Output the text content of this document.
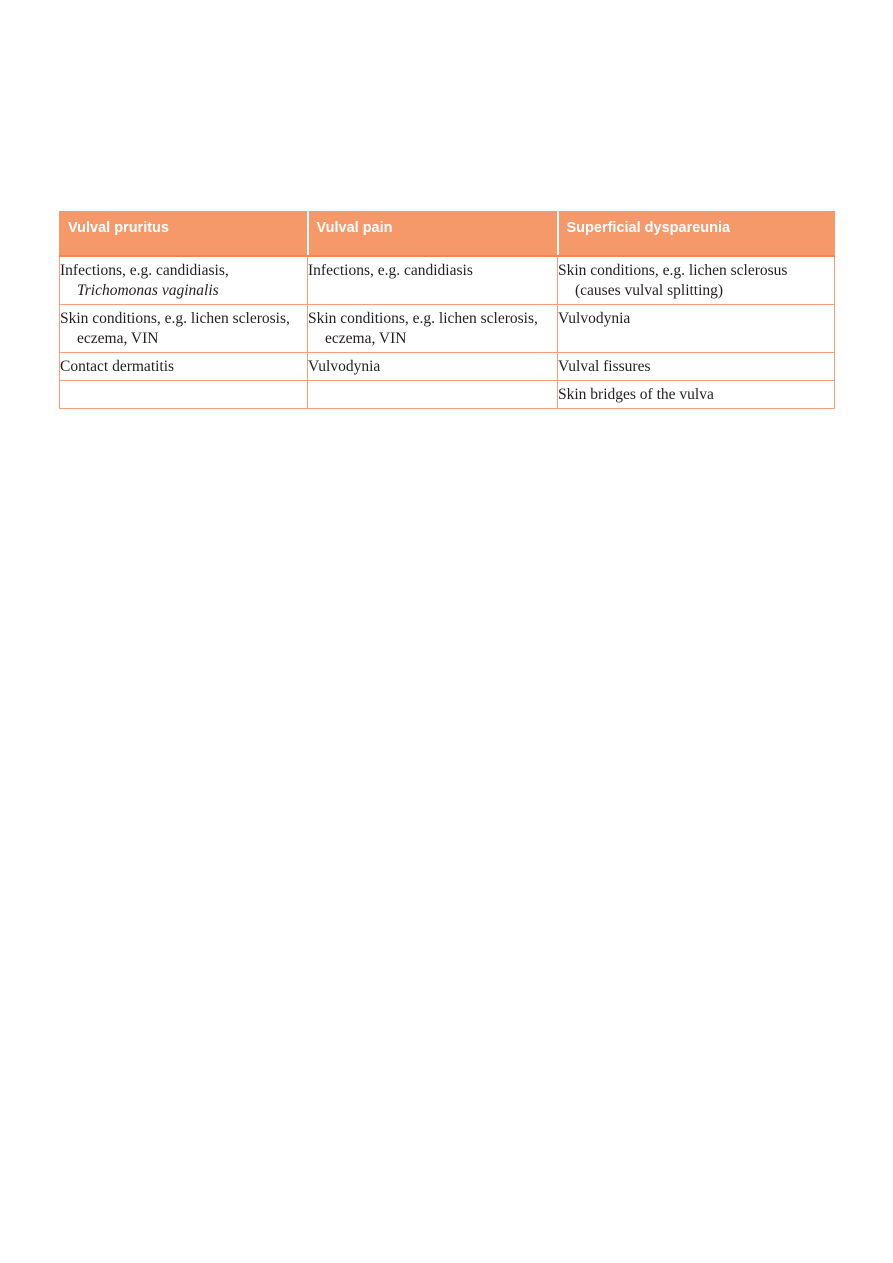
Vulval pruritus	Vulval pain	Superficial dyspareunia
Infections, e.g. candidiasis, Trichomonas vaginalis	Infections, e.g. candidiasis	Skin conditions, e.g. lichen sclerosus (causes vulval splitting)
Skin conditions, e.g. lichen sclerosis, eczema, VIN	Skin conditions, e.g. lichen sclerosis, eczema, VIN	Vulvodynia
Contact dermatitis	Vulvodynia	Vulval fissures
		Skin bridges of the vulva
